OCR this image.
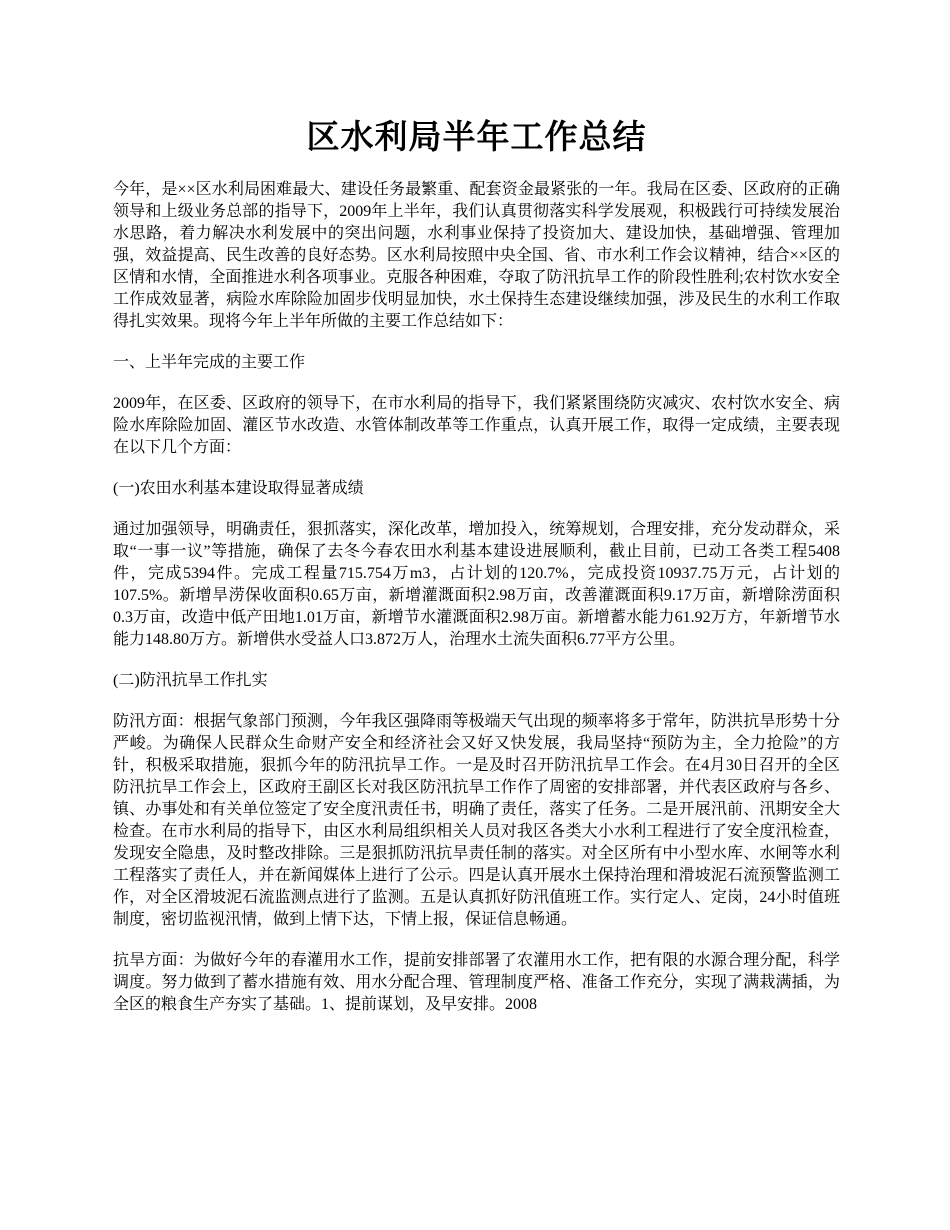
区水利局半年工作总结

今年，是××区水利局困难最大、建设任务最繁重、配套资金最紧张的一年。我局在区委、区政府的正确领导和上级业务总部的指导下，2009年上半年，我们认真贯彻落实科学发展观，积极践行可持续发展治水思路，着力解决水利发展中的突出问题，水利事业保持了投资加大、建设加快，基础增强、管理加强，效益提高、民生改善的良好态势。区水利局按照中央全国、省、市水利工作会议精神，结合××区的区情和水情，全面推进水利各项事业。克服各种困难，夺取了防汛抗旱工作的阶段性胜利;农村饮水安全工作成效显著，病险水库除险加固步伐明显加快，水土保持生态建设继续加强，涉及民生的水利工作取得扎实效果。现将今年上半年所做的主要工作总结如下：

一、上半年完成的主要工作

2009年，在区委、区政府的领导下，在市水利局的指导下，我们紧紧围绕防灾减灾、农村饮水安全、病险水库除险加固、灌区节水改造、水管体制改革等工作重点，认真开展工作，取得一定成绩，主要表现在以下几个方面：

(一)农田水利基本建设取得显著成绩

通过加强领导，明确责任，狠抓落实，深化改革，增加投入，统筹规划，合理安排，充分发动群众，采取“一事一议”等措施，确保了去冬今春农田水利基本建设进展顺利，截止目前，已动工各类工程5408件，完成5394件。完成工程量715.754万m3，占计划的120.7%，完成投资10937.75万元，占计划的107.5%。新增旱涝保收面积0.65万亩，新增灌溉面积2.98万亩，改善灌溉面积9.17万亩，新增除涝面积0.3万亩，改造中低产田地1.01万亩，新增节水灌溉面积2.98万亩。新增蓄水能力61.92万方，年新增节水能力148.80万方。新增供水受益人口3.872万人，治理水土流失面积6.77平方公里。

(二)防汛抗旱工作扎实

防汛方面：根据气象部门预测，今年我区强降雨等极端天气出现的频率将多于常年，防洪抗旱形势十分严峻。为确保人民群众生命财产安全和经济社会又好又快发展，我局坚持“预防为主，全力抢险”的方针，积极采取措施，狠抓今年的防汛抗旱工作。一是及时召开防汛抗旱工作会。在4月30日召开的全区防汛抗旱工作会上，区政府王副区长对我区防汛抗旱工作作了周密的安排部署，并代表区政府与各乡、镇、办事处和有关单位签定了安全度汛责任书，明确了责任，落实了任务。二是开展汛前、汛期安全大检查。在市水利局的指导下，由区水利局组织相关人员对我区各类大小水利工程进行了安全度汛检查，发现安全隐患，及时整改排除。三是狠抓防汛抗旱责任制的落实。对全区所有中小型水库、水闸等水利工程落实了责任人，并在新闻媒体上进行了公示。四是认真开展水土保持治理和滑坡泥石流预警监测工作，对全区滑坡泥石流监测点进行了监测。五是认真抓好防汛值班工作。实行定人、定岗，24小时值班制度，密切监视汛情，做到上情下达，下情上报，保证信息畅通。

抗旱方面：为做好今年的春灌用水工作，提前安排部署了农灌用水工作，把有限的水源合理分配，科学调度。努力做到了蓄水措施有效、用水分配合理、管理制度严格、准备工作充分，实现了满栽满插，为全区的粮食生产夯实了基础。1、提前谋划，及早安排。2008
